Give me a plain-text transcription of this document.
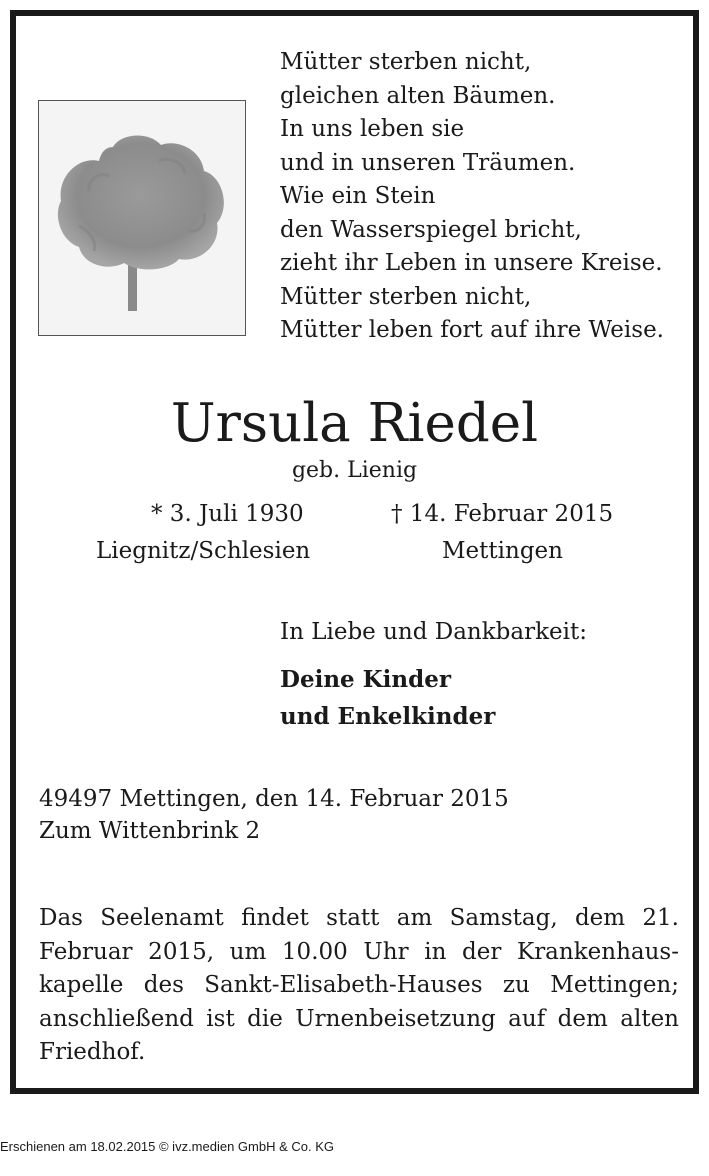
Mütter sterben nicht,
gleichen alten Bäumen.
In uns leben sie
und in unseren Träumen.
Wie ein Stein
den Wasserspiegel bricht,
zieht ihr Leben in unsere Kreise.
Mütter sterben nicht,
Mütter leben fort auf ihre Weise.
Ursula Riedel
geb. Lienig
* 3. Juli 1930
Liegnitz/Schlesien
† 14. Februar 2015
Mettingen
In Liebe und Dankbarkeit:
Deine Kinder
und Enkelkinder
49497 Mettingen, den 14. Februar 2015
Zum Wittenbrink 2
Das Seelenamt findet statt am Samstag, dem 21. Februar 2015, um 10.00 Uhr in der Krankenhauskapelle des Sankt-Elisabeth-Hauses zu Mettingen; anschließend ist die Urnenbeisetzung auf dem alten Friedhof.
Erschienen am 18.02.2015 © ivz.medien GmbH & Co. KG
